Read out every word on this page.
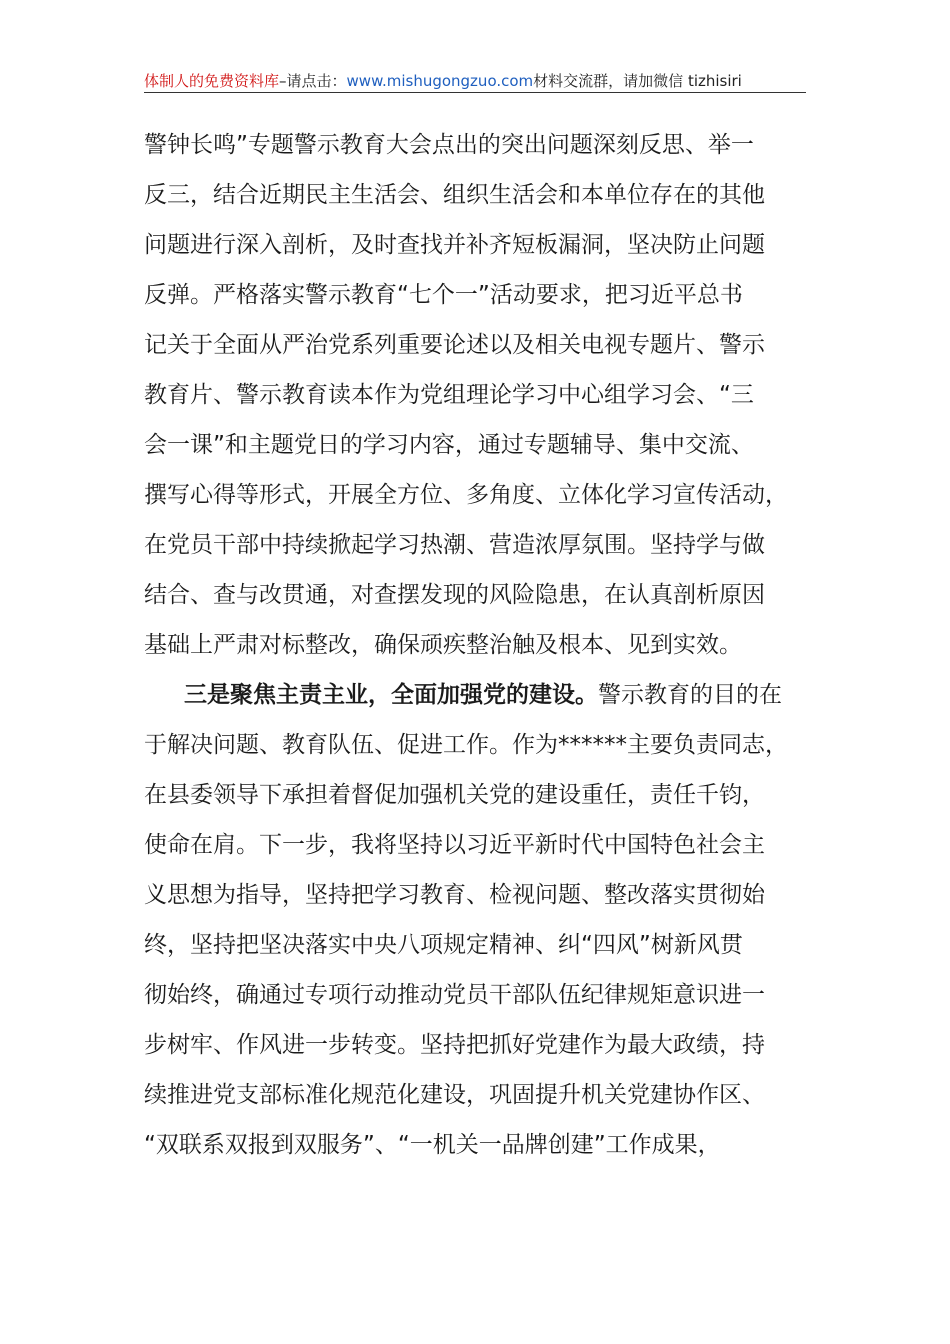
体制人的免费资料库–请点击：www.mishugongzuo.com材料交流群，请加微信 tizhisiri
警钟长鸣”专题警示教育大会点出的突出问题深刻反思、举一
反三，结合近期民主生活会、组织生活会和本单位存在的其他
问题进行深入剖析，及时查找并补齐短板漏洞，坚决防止问题
反弹。严格落实警示教育“七个一”活动要求，把习近平总书
记关于全面从严治党系列重要论述以及相关电视专题片、警示
教育片、警示教育读本作为党组理论学习中心组学习会、“三
会一课”和主题党日的学习内容，通过专题辅导、集中交流、
撰写心得等形式，开展全方位、多角度、立体化学习宣传活动，
在党员干部中持续掀起学习热潮、营造浓厚氛围。坚持学与做
结合、查与改贯通，对查摆发现的风险隐患，在认真剖析原因
基础上严肃对标整改，确保顽疾整治触及根本、见到实效。
三是聚焦主责主业，全面加强党的建设。警示教育的目的在
于解决问题、教育队伍、促进工作。作为******主要负责同志，
在县委领导下承担着督促加强机关党的建设重任，责任千钧，
使命在肩。下一步，我将坚持以习近平新时代中国特色社会主
义思想为指导，坚持把学习教育、检视问题、整改落实贯彻始
终，坚持把坚决落实中央八项规定精神、纠“四风”树新风贯
彻始终，确通过专项行动推动党员干部队伍纪律规矩意识进一
步树牢、作风进一步转变。坚持把抓好党建作为最大政绩，持
续推进党支部标准化规范化建设，巩固提升机关党建协作区、
“双联系双报到双服务”、“一机关一品牌创建”工作成果，
